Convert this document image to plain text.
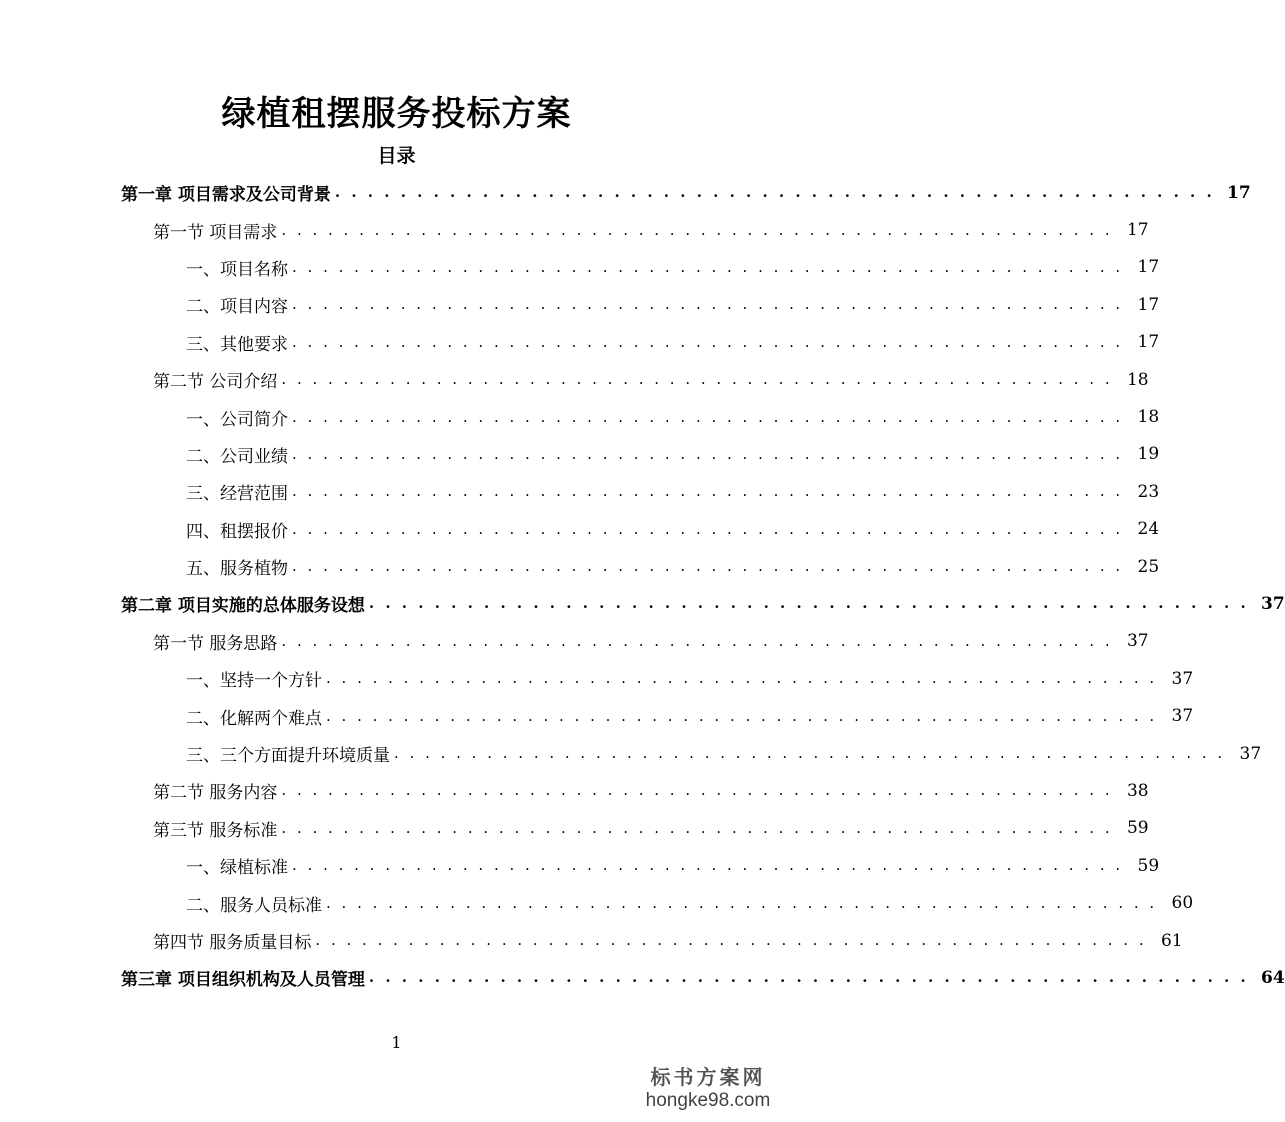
绿植租摆服务投标方案
目录
第一章 项目需求及公司背景 . . . . . . . . . . . . . . . . . . . . . . . . . . . . . . . . . . . . . . . . . . . . . . . . . . . . . . 17
第一节 项目需求 . . . . . . . . . . . . . . . . . . . . . . . . . . . . . . . . . . . . . . . . . . . . . . . . . . . . . . 17
一、项目名称 . . . . . . . . . . . . . . . . . . . . . . . . . . . . . . . . . . . . . . . . . . . . . . . . . . . . . . 17
二、项目内容 . . . . . . . . . . . . . . . . . . . . . . . . . . . . . . . . . . . . . . . . . . . . . . . . . . . . . . 17
三、其他要求 . . . . . . . . . . . . . . . . . . . . . . . . . . . . . . . . . . . . . . . . . . . . . . . . . . . . . . 17
第二节 公司介绍 . . . . . . . . . . . . . . . . . . . . . . . . . . . . . . . . . . . . . . . . . . . . . . . . . . . . . . 18
一、公司简介 . . . . . . . . . . . . . . . . . . . . . . . . . . . . . . . . . . . . . . . . . . . . . . . . . . . . . . 18
二、公司业绩 . . . . . . . . . . . . . . . . . . . . . . . . . . . . . . . . . . . . . . . . . . . . . . . . . . . . . . 19
三、经营范围 . . . . . . . . . . . . . . . . . . . . . . . . . . . . . . . . . . . . . . . . . . . . . . . . . . . . . . 23
四、租摆报价 . . . . . . . . . . . . . . . . . . . . . . . . . . . . . . . . . . . . . . . . . . . . . . . . . . . . . . 24
五、服务植物 . . . . . . . . . . . . . . . . . . . . . . . . . . . . . . . . . . . . . . . . . . . . . . . . . . . . . . 25
第二章 项目实施的总体服务设想 . . . . . . . . . . . . . . . . . . . . . . . . . . . . . . . . . . . . . . . . . . . . . . . . . . . . . . 37
第一节 服务思路 . . . . . . . . . . . . . . . . . . . . . . . . . . . . . . . . . . . . . . . . . . . . . . . . . . . . . . 37
一、坚持一个方针 . . . . . . . . . . . . . . . . . . . . . . . . . . . . . . . . . . . . . . . . . . . . . . . . . . . . . . 37
二、化解两个难点 . . . . . . . . . . . . . . . . . . . . . . . . . . . . . . . . . . . . . . . . . . . . . . . . . . . . . . 37
三、三个方面提升环境质量 . . . . . . . . . . . . . . . . . . . . . . . . . . . . . . . . . . . . . . . . . . . . . . . . . . . . . . 37
第二节 服务内容 . . . . . . . . . . . . . . . . . . . . . . . . . . . . . . . . . . . . . . . . . . . . . . . . . . . . . . 38
第三节 服务标准 . . . . . . . . . . . . . . . . . . . . . . . . . . . . . . . . . . . . . . . . . . . . . . . . . . . . . . 59
一、绿植标准 . . . . . . . . . . . . . . . . . . . . . . . . . . . . . . . . . . . . . . . . . . . . . . . . . . . . . . 59
二、服务人员标准 . . . . . . . . . . . . . . . . . . . . . . . . . . . . . . . . . . . . . . . . . . . . . . . . . . . . . . 60
第四节 服务质量目标 . . . . . . . . . . . . . . . . . . . . . . . . . . . . . . . . . . . . . . . . . . . . . . . . . . . . . . 61
第三章 项目组织机构及人员管理 . . . . . . . . . . . . . . . . . . . . . . . . . . . . . . . . . . . . . . . . . . . . . . . . . . . . . . 64
1
标书方案网
hongke98.com
